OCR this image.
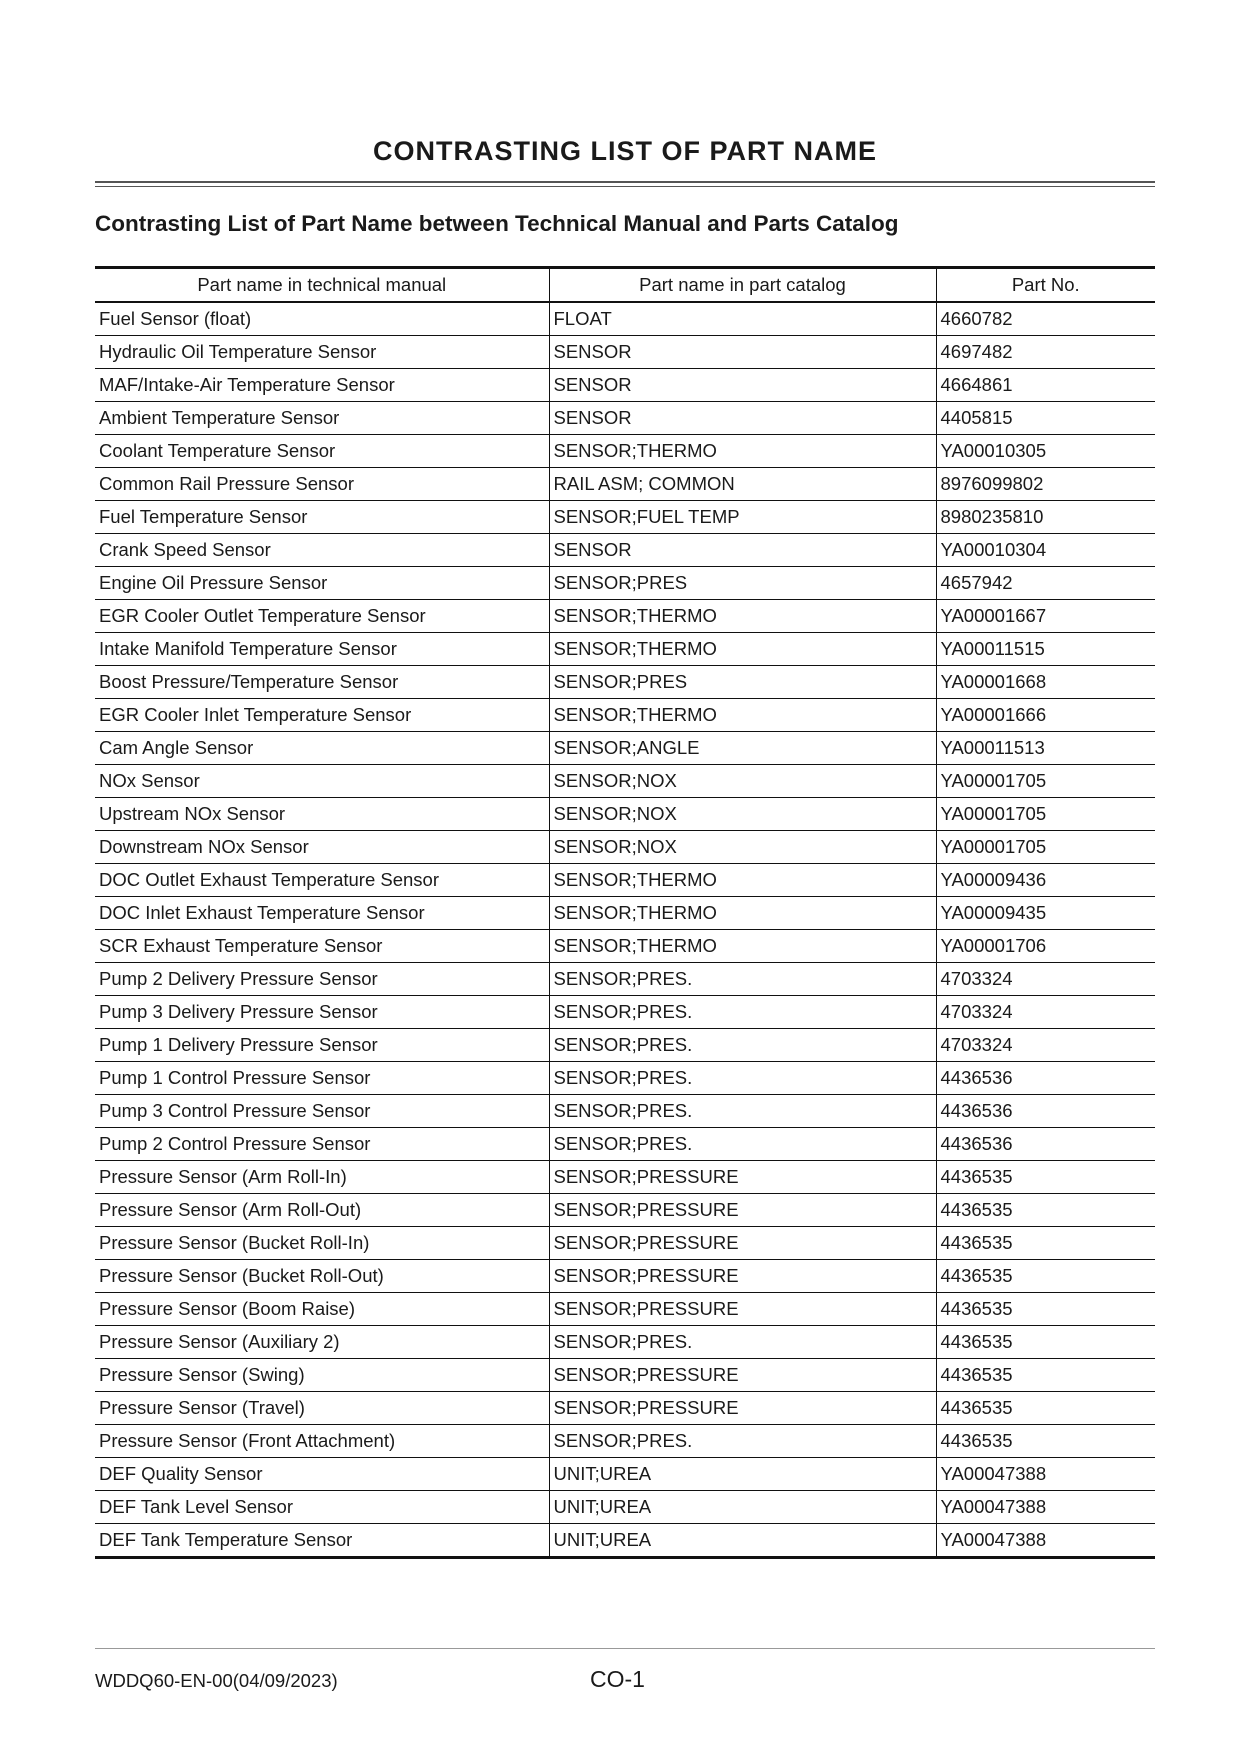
CONTRASTING LIST OF PART NAME
Contrasting List of Part Name between Technical Manual and Parts Catalog
Part name in technical manual	Part name in part catalog	Part No.
Fuel Sensor (float)	FLOAT	4660782
Hydraulic Oil Temperature Sensor	SENSOR	4697482
MAF/Intake-Air Temperature Sensor	SENSOR	4664861
Ambient Temperature Sensor	SENSOR	4405815
Coolant Temperature Sensor	SENSOR;THERMO	YA00010305
Common Rail Pressure Sensor	RAIL ASM; COMMON	8976099802
Fuel Temperature Sensor	SENSOR;FUEL TEMP	8980235810
Crank Speed Sensor	SENSOR	YA00010304
Engine Oil Pressure Sensor	SENSOR;PRES	4657942
EGR Cooler Outlet Temperature Sensor	SENSOR;THERMO	YA00001667
Intake Manifold Temperature Sensor	SENSOR;THERMO	YA00011515
Boost Pressure/Temperature Sensor	SENSOR;PRES	YA00001668
EGR Cooler Inlet Temperature Sensor	SENSOR;THERMO	YA00001666
Cam Angle Sensor	SENSOR;ANGLE	YA00011513
NOx Sensor	SENSOR;NOX	YA00001705
Upstream NOx Sensor	SENSOR;NOX	YA00001705
Downstream NOx Sensor	SENSOR;NOX	YA00001705
DOC Outlet Exhaust Temperature Sensor	SENSOR;THERMO	YA00009436
DOC Inlet Exhaust Temperature Sensor	SENSOR;THERMO	YA00009435
SCR Exhaust Temperature Sensor	SENSOR;THERMO	YA00001706
Pump 2 Delivery Pressure Sensor	SENSOR;PRES.	4703324
Pump 3 Delivery Pressure Sensor	SENSOR;PRES.	4703324
Pump 1 Delivery Pressure Sensor	SENSOR;PRES.	4703324
Pump 1 Control Pressure Sensor	SENSOR;PRES.	4436536
Pump 3 Control Pressure Sensor	SENSOR;PRES.	4436536
Pump 2 Control Pressure Sensor	SENSOR;PRES.	4436536
Pressure Sensor (Arm Roll-In)	SENSOR;PRESSURE	4436535
Pressure Sensor (Arm Roll-Out)	SENSOR;PRESSURE	4436535
Pressure Sensor (Bucket Roll-In)	SENSOR;PRESSURE	4436535
Pressure Sensor (Bucket Roll-Out)	SENSOR;PRESSURE	4436535
Pressure Sensor (Boom Raise)	SENSOR;PRESSURE	4436535
Pressure Sensor (Auxiliary 2)	SENSOR;PRES.	4436535
Pressure Sensor (Swing)	SENSOR;PRESSURE	4436535
Pressure Sensor (Travel)	SENSOR;PRESSURE	4436535
Pressure Sensor (Front Attachment)	SENSOR;PRES.	4436535
DEF Quality Sensor	UNIT;UREA	YA00047388
DEF Tank Level Sensor	UNIT;UREA	YA00047388
DEF Tank Temperature Sensor	UNIT;UREA	YA00047388
WDDQ60-EN-00(04/09/2023)	CO-1
